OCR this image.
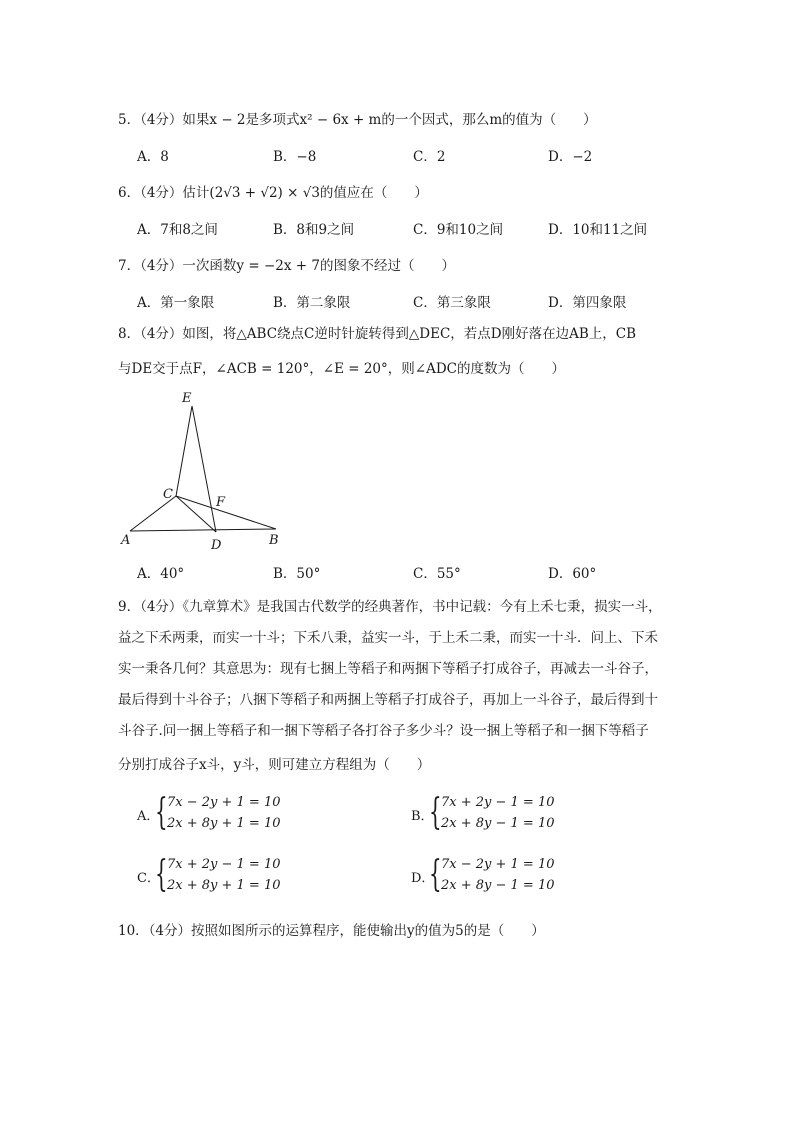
5．（4分）如果x − 2是多项式x² − 6x + m的一个因式，那么m的值为（　　）
A．8	B．−8	C．2	D．−2
6．（4分）估计(2√3 + √2) × √3的值应在（　　）
A．7和8之间	B．8和9之间	C．9和10之间	D．10和11之间
7．（4分）一次函数y = −2x + 7的图象不经过（　　）
A．第一象限	B．第二象限	C．第三象限	D．第四象限
8．（4分）如图，将△ABC绕点C逆时针旋转得到△DEC，若点D刚好落在边AB上，CB
与DE交于点F，∠ACB = 120°，∠E = 20°，则∠ADC的度数为（　　）
E
C
F
A	D	B
A．40°	B．50°	C．55°	D．60°
9．（4分）《九章算术》是我国古代数学的经典著作，书中记载：今有上禾七秉，损实一斗，
益之下禾两秉，而实一十斗；下禾八秉，益实一斗，于上禾二秉，而实一十斗．问上、下禾
实一秉各几何？其意思为：现有七捆上等稻子和两捆下等稻子打成谷子，再减去一斗谷子，
最后得到十斗谷子；八捆下等稻子和两捆上等稻子打成谷子，再加上一斗谷子，最后得到十
斗谷子.问一捆上等稻子和一捆下等稻子各打谷子多少斗？设一捆上等稻子和一捆下等稻子
分别打成谷子x斗，y斗，则可建立方程组为（　　）
A．
{ 7x − 2y + 1 = 10
2x + 8y + 1 = 10	B．
{ 7x + 2y − 1 = 10
2x + 8y − 1 = 10
C．
{ 7x + 2y − 1 = 10
2x + 8y + 1 = 10	D．
{ 7x − 2y + 1 = 10
2x + 8y − 1 = 10
10．（4分）按照如图所示的运算程序，能使输出y的值为5的是（　　）
